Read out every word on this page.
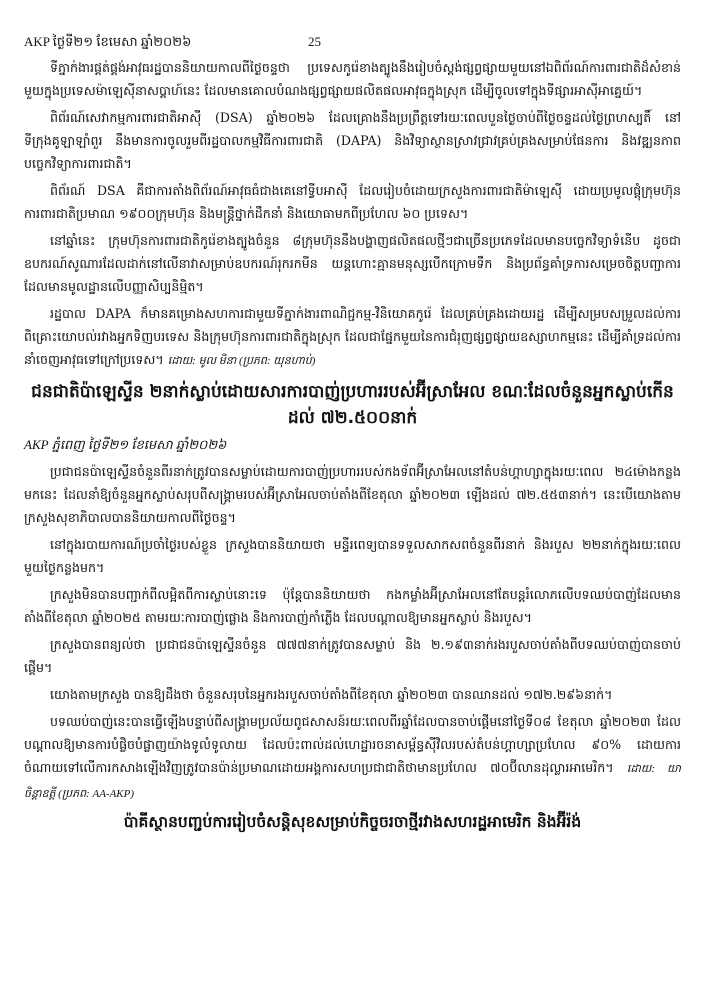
AKP ថ្ងៃទី២១ ខែមេសា ឆ្នាំ២០២៦	25

ទីភ្នាក់ងារផ្ដត់ផ្គង់អាវុធរដ្ឋបាននិយាយកាលពីថ្ងៃចន្ទថា ប្រទេសកូរ៉េខាងត្បូងនឹងរៀបចំស្តង់ផ្សព្វផ្សាយមួយនៅឯពិព័រណ៍ការពារជាតិដ៏សំខាន់មួយក្នុងប្រទេសម៉ាឡេស៊ីនាសប្ដាហ៍នេះ ដែលមានគោលបំណងផ្សព្វផ្សាយផលិតផលអាវុធក្នុងស្រុក ដើម្បីចូលទៅក្នុងទីផ្សារអាស៊ីអាគ្នេយ៍។

ពិព័រណ៍សេវាកម្មការពារជាតិអាស៊ី (DSA) ឆ្នាំ២០២៦ ដែលគ្រោងនឹងប្រព្រឹត្តទៅរយៈពេលបួនថ្ងៃចាប់ពីថ្ងៃចន្ទដល់ថ្ងៃព្រហស្បតិ៍ នៅទីក្រុងគូឡាឡាំពួរ នឹងមានការចូលរួមពីរដ្ឋបាលកម្មវិធីការពារជាតិ (DAPA) និងវិទ្យាស្ថានស្រាវជ្រាវគ្រប់គ្រងសម្រាប់ផែនការ និងវឌ្ឍនភាពបច្ចេកវិទ្យាការពារជាតិ។

ពិព័រណ៍ DSA គឺជាការតាំងពិព័រណ៍អាវុធធំជាងគេនៅទ្វីបអាស៊ី ដែលរៀបចំដោយក្រសួងការពារជាតិម៉ាឡេស៊ី ដោយប្រមូលផ្ដុំក្រុមហ៊ុនការពារជាតិប្រមាណ ១៩០០ក្រុមហ៊ុន និងមន្ត្រីថ្នាក់ដឹកនាំ និងយោធាមកពីប្រហែល ៦០ ប្រទេស។

នៅឆ្នាំនេះ ក្រុមហ៊ុនការពារជាតិកូរ៉េខាងត្បូងចំនួន ៨ក្រុមហ៊ុននឹងបង្ហាញផលិតផលថ្មីៗជាច្រើនប្រភេទដែលមានបច្ចេកវិទ្យាទំនើប ដូចជាឧបករណ៍សូណារដែលដាក់នៅលើនាវាសម្រាប់ឧបករណ៍រុករកមីន យន្តហោះគ្មានមនុស្សបើកក្រោមទឹក និងប្រព័ន្ធគាំទ្រការសម្រេចចិត្តបញ្ជាការដែលមានមូលដ្ឋានលើបញ្ញាសិប្បនិម្មិត។

រដ្ឋបាល DAPA ក៏មានគម្រោងសហការជាមួយទីភ្នាក់ងារពាណិជ្ជកម្ម-វិនិយោគកូរ៉េ ដែលគ្រប់គ្រងដោយរដ្ឋ ដើម្បីសម្របសម្រួលដល់ការពិគ្រោះយោបល់រវាងអ្នកទិញបរទេស និងក្រុមហ៊ុនការពារជាតិក្នុងស្រុក ដែលជាផ្នែកមួយនៃការជំរុញផ្សព្វផ្សាយឧស្សាហកម្មនេះ ដើម្បីគាំទ្រដល់ការនាំចេញអាវុធទៅក្រៅប្រទេស។ ដោយ: មូល មិនា (ប្រភព: យុនហាប់)

ជនជាតិប៉ាឡេស្ទីន ២នាក់ស្លាប់ដោយសារការបាញ់ប្រហាររបស់អ៊ីស្រាអែល ខណៈដែលចំនួនអ្នកស្លាប់កើនដល់ ៧២.៥០០នាក់
AKP ភ្នំពេញ ថ្ងៃទី២១ ខែមេសា ឆ្នាំ២០២៦

ប្រជាជនប៉ាឡេស្ទីនចំនួនពីរនាក់ត្រូវបានសម្លាប់ដោយការបាញ់ប្រហាររបស់កងទ័ពអ៊ីស្រាអែលនៅតំបន់ហ្គាហ្សាក្នុងរយៈពេល ២៤ម៉ោងកន្លងមកនេះ ដែលនាំឱ្យចំនួនអ្នកស្លាប់សរុបពីសង្គ្រាមរបស់អ៊ីស្រាអែលចាប់តាំងពីខែតុលា ឆ្នាំ២០២៣ ឡើងដល់ ៧២.៥៥៣នាក់។ នេះបើយោងតាមក្រសួងសុខាភិបាលបាននិយាយកាលពីថ្ងៃចន្ទ។

នៅក្នុងរបាយការណ៍ប្រចាំថ្ងៃរបស់ខ្លួន ក្រសួងបាននិយាយថា មន្ទីរពេទ្យបានទទួលសាកសពចំនួនពីរនាក់ និងរបួស ២២នាក់ក្នុងរយៈពេលមួយថ្ងៃកន្លងមក។

ក្រសួងមិនបានបញ្ជាក់ពីលម្អិតពីការស្លាប់នោះទេ ប៉ុន្តែបាននិយាយថា កងកម្លាំងអ៊ីស្រាអែលនៅតែបន្តរំលោភលើបទឈប់បាញ់ដែលមានតាំងពីខែតុលា ឆ្នាំ២០២៥ តាមរយៈការបាញ់ផ្លោង និងការបាញ់កាំភ្លើង ដែលបណ្តាលឱ្យមានអ្នកស្លាប់ និងរបួស។

ក្រសួងបានពន្យល់ថា ប្រជាជនប៉ាឡេស្ទីនចំនួន ៧៧៧នាក់ត្រូវបានសម្លាប់ និង ២.១៩៣នាក់រងរបួសចាប់តាំងពីបទឈប់បាញ់បានចាប់ផ្ដើម។

យោងតាមក្រសួង បានឱ្យដឹងថា ចំនួនសរុបនៃអ្នករងរបួសចាប់តាំងពីខែតុលា ឆ្នាំ២០២៣ បានឈានដល់ ១៧២.២៩៦នាក់។

បទឈប់បាញ់នេះបានធ្វើឡើងបន្ទាប់ពីសង្គ្រាមប្រល័យពូជសាសន៍រយៈពេលពីរឆ្នាំដែលបានចាប់ផ្ដើមនៅថ្ងៃទី០៨ ខែតុលា ឆ្នាំ២០២៣ ដែលបណ្ដាលឱ្យមានការបំផ្លិចបំផ្លាញយ៉ាងទូលំទូលាយ ដែលប៉ះពាល់ដល់ហេដ្ឋារចនាសម្ព័ន្ធស៊ីវិលរបស់តំបន់ហ្គាហ្សាប្រហែល ៩០% ដោយការចំណាយទៅលើការកសាងឡើងវិញត្រូវបានប៉ាន់ប្រមាណដោយអង្គការសហប្រជាជាតិថាមានប្រហែល ៧០ប៊ីលានដុល្លារអាមេរិក។ ដោយ: យា ចិន្តាឧត្តី (ប្រភព: AA-AKP)

ប៉ាគីស្ថានបញ្ជប់ការរៀបចំសន្តិសុខសម្រាប់កិច្ចចរចាថ្មីរវាងសហរដ្ឋអាមេរិក និងអ៊ីរ៉ង់
